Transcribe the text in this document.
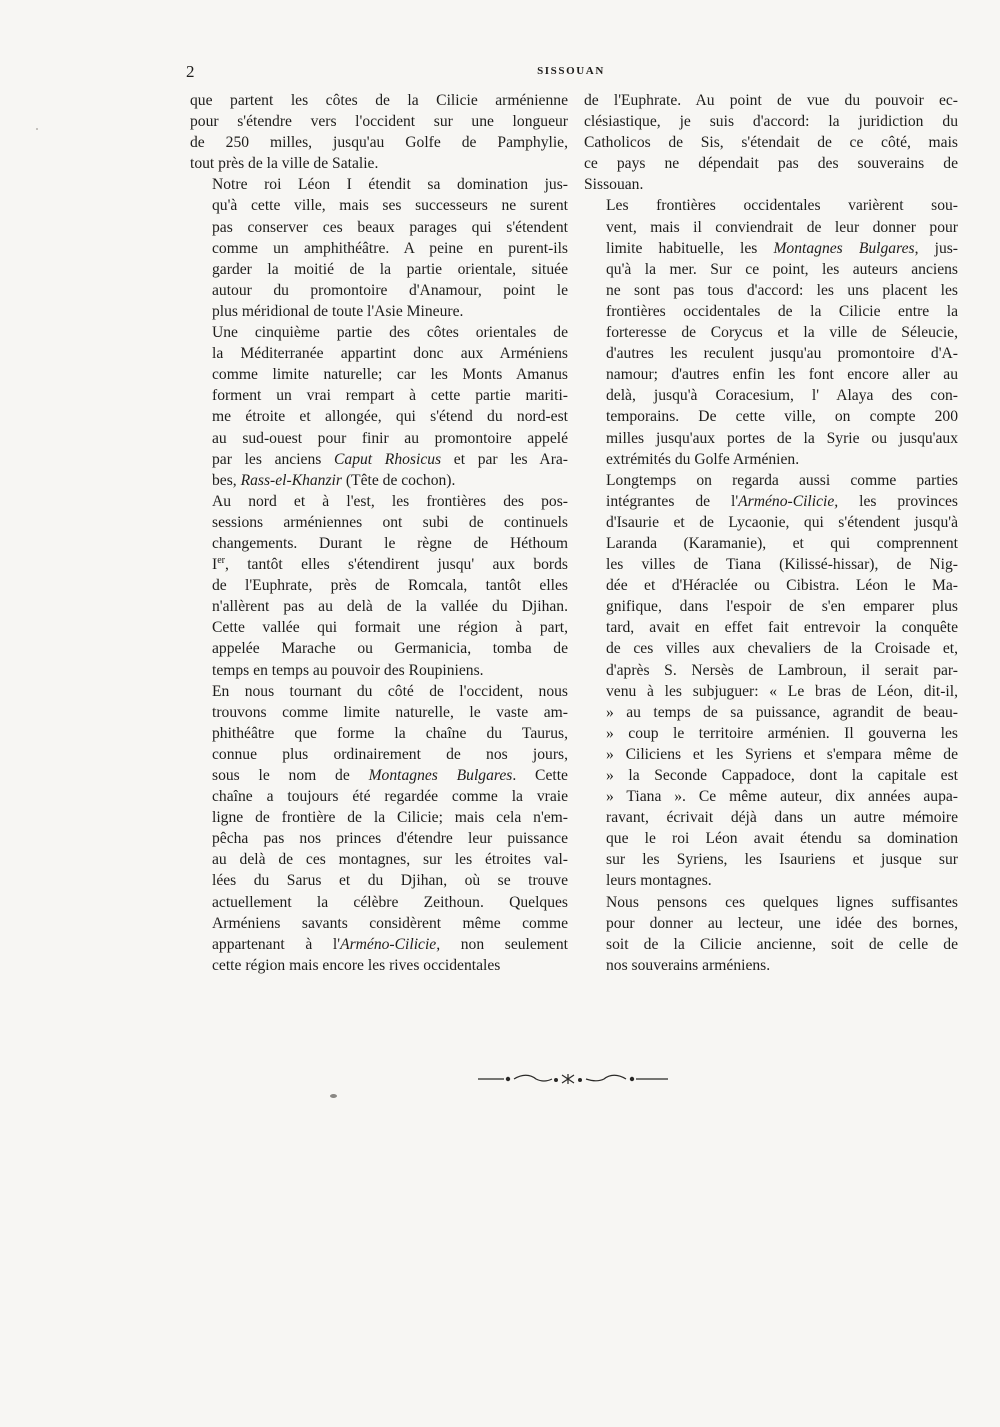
2	SISSOUAN

que partent les côtes de la Cilicie arménienne
pour s'étendre vers l'occident sur une longueur
de 250 milles, jusqu'au Golfe de Pamphylie,
tout près de la ville de Satalie.

Notre roi Léon I étendit sa domination jus-
qu'à cette ville, mais ses successeurs ne surent
pas conserver ces beaux parages qui s'étendent
comme un amphithéâtre. A peine en purent-ils
garder la moitié de la partie orientale, située
autour du promontoire d'Anamour, point le
plus méridional de toute l'Asie Mineure.

Une cinquième partie des côtes orientales de
la Méditerranée appartint donc aux Arméniens
comme limite naturelle; car les Monts Amanus
forment un vrai rempart à cette partie mariti-
me étroite et allongée, qui s'étend du nord-est
au sud-ouest pour finir au promontoire appelé
par les anciens Caput Rhosicus et par les Ara-
bes, Rass-el-Khanzir (Tête de cochon).

Au nord et à l'est, les frontières des pos-
sessions arméniennes ont subi de continuels
changements. Durant le règne de Héthoum
Ier, tantôt elles s'étendirent jusqu' aux bords
de l'Euphrate, près de Romcala, tantôt elles
n'allèrent pas au delà de la vallée du Djihan.
Cette vallée qui formait une région à part,
appelée Marache ou Germanicia, tomba de
temps en temps au pouvoir des Roupiniens.

En nous tournant du côté de l'occident, nous
trouvons comme limite naturelle, le vaste am-
phithéâtre que forme la chaîne du Taurus,
connue plus ordinairement de nos jours,
sous le nom de Montagnes Bulgares. Cette
chaîne a toujours été regardée comme la vraie
ligne de frontière de la Cilicie; mais cela n'em-
pêcha pas nos princes d'étendre leur puissance
au delà de ces montagnes, sur les étroites val-
lées du Sarus et du Djihan, où se trouve
actuellement la célèbre Zeithoun. Quelques
Arméniens savants considèrent même comme
appartenant à l'Arméno-Cilicie, non seulement
cette région mais encore les rives occidentales

de l'Euphrate. Au point de vue du pouvoir ec-
clésiastique, je suis d'accord: la juridiction du
Catholicos de Sis, s'étendait de ce côté, mais
ce pays ne dépendait pas des souverains de
Sissouan.

Les frontières occidentales varièrent sou-
vent, mais il conviendrait de leur donner pour
limite habituelle, les Montagnes Bulgares, jus-
qu'à la mer. Sur ce point, les auteurs anciens
ne sont pas tous d'accord: les uns placent les
frontières occidentales de la Cilicie entre la
forteresse de Corycus et la ville de Séleucie,
d'autres les reculent jusqu'au promontoire d'A-
namour; d'autres enfin les font encore aller au
delà, jusqu'à Coracesium, l' Alaya des con-
temporains. De cette ville, on compte 200
milles jusqu'aux portes de la Syrie ou jusqu'aux
extrémités du Golfe Arménien.

Longtemps on regarda aussi comme parties
intégrantes de l'Arméno-Cilicie, les provinces
d'Isaurie et de Lycaonie, qui s'étendent jusqu'à
Laranda (Karamanie), et qui comprennent
les villes de Tiana (Kilissé-hissar), de Nig-
dée et d'Héraclée ou Cibistra. Léon le Ma-
gnifique, dans l'espoir de s'en emparer plus
tard, avait en effet fait entrevoir la conquête
de ces villes aux chevaliers de la Croisade et,
d'après S. Nersès de Lambroun, il serait par-
venu à les subjuguer: « Le bras de Léon, dit-il,
» au temps de sa puissance, agrandit de beau-
» coup le territoire arménien. Il gouverna les
» Ciliciens et les Syriens et s'empara même de
» la Seconde Cappadoce, dont la capitale est
» Tiana ». Ce même auteur, dix années aupa-
ravant, écrivait déjà dans un autre mémoire
que le roi Léon avait étendu sa domination
sur les Syriens, les Isauriens et jusque sur
leurs montagnes.

Nous pensons ces quelques lignes suffisantes
pour donner au lecteur, une idée des bornes,
soit de la Cilicie ancienne, soit de celle de
nos souverains arméniens.
